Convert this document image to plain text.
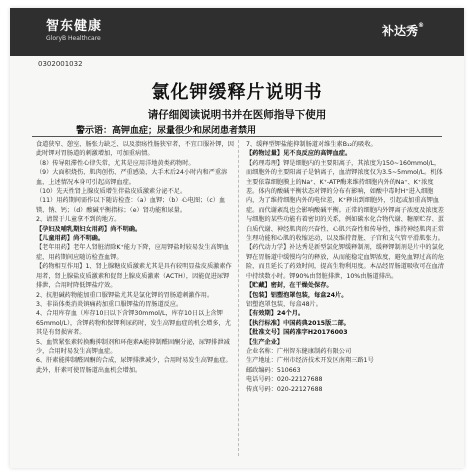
智东健康
GloryB Healthcare
补达秀®
0302001032
氯化钾缓释片说明书
请仔细阅读说明书并在医师指导下使用
警示语：高钾血症；尿量很少和尿闭患者禁用

食道狭窄、憩室、肠张力缺乏、以及溃疡性肠狭窄者，不宜口服补钾，因此时钾对胃肠道的刺激增加，可加重病情。

（8）传导阻滞性心律失常，尤其是应用洋地黄类药物时。

（9）大面积烧伤、肌肉创伤、严重感染、大手术后24小时内和严重溶血，上述情况本身可引起高钾血症。

（10）先天性肾上腺皮质增生伴盐皮质激素分泌不足。

（11）用药期间需作以下随访检查：（a）血钾；（b）心电图；（c）血镁、钠、钙；（d）酸碱平衡指标；（e）肾功能和尿量。

2、请置于儿童拿不到的地方。

【孕妇及哺乳期妇女用药】尚不明确。

【儿童用药】尚不明确。

【老年用药】老年人肾脏清除K⁺能力下降，应用钾盐时较易发生高钾血症，用药期间应随访检查血钾。

【药物相互作用】1、肾上腺糖皮质激素尤其是具有较明显盐皮质激素作用者，肾上腺盐皮质激素和促肾上腺皮质激素（ACTH），因能促进尿钾排泄，合用时降低钾盐疗效。

2、抗胆碱药物能加重口服钾盐尤其是氯化钾的胃肠道刺激作用。

3、非甾体类消炎镇痛药加重口服钾盐的胃肠道反应。

4、合用库存血（库存10日以下含钾30mmol/L，库存10日以上含钾65mmol/L），含钾药物和保钾利尿药时，发生高钾血症的机会增多，尤其是有肾损害者。

5、血管紧张素转换酶抑制剂和环孢素A能抑制醛固酮分泌，尿钾排泄减少，合用时易发生高钾血症。

6、肝素能抑制醛固酮的合成，尿钾排泄减少，合用时易发生高钾血症。此外，肝素可使胃肠道出血机会增加。

7、缓释型钾盐能抑制肠道对维生素B₁₂的吸收。

【药物过量】见不良反应的高钾血症。

【药理毒理】钾是细胞内的主要阳离子，其浓度为150~160mmol/L，而细胞外的主要阳离子是钠离子，血清钾浓度仅为3.5~5mmol/L。机体主要依靠细胞膜上的Na⁺、K⁺-ATP酶来维持细胞内外的Na⁺、K⁺浓度差。体内的酸碱平衡状态对钾的分布有影响，如酸中毒时H⁺进入细胞内，为了维持细胞内外的电位差，K⁺释出到细胞外，引起或加重高钾血症。而代谢紊乱也会影响酸碱平衡。正常的细胞内外钾离子浓度及浓度差与细胞的某些功能有着密切的关系，例如碳水化合物代谢、糖原贮存、蛋白质代谢、神经肌肉的兴奋性、心肌兴奋性和传导性，维持神经肌肉正常生理功能和心肌的收缩运动，以及维持肾脏、子宫和支气管平滑肌张力。

【药代动力学】补达秀是新型氯化钾缓释制剂，缓释钾制剂是片中的氯化钾在胃肠道中缓慢均匀的释放，从而能稳定血钾浓度，避免血钾过高的危险，而且延长了药效时间，提高生物利用度。本品经胃肠道吸收可在血清中持续数小时。钾90%由肾脏排泄，10%由肠道排出。

【贮藏】密封，在干燥处保存。

【包装】铝塑泡罩包装，每盒24片。

铝塑泡罩包装，每盒48片。

【有效期】24个月。

【执行标准】中国药典2015版二部。

【批准文号】国药准字H20176003

【生产企业】

企业名称：广州智东健康制药有限公司

生产地址：广州市经济技术开发区南翔三路1号

邮政编码：510663

电话号码：020-22127688

传真号码：020-22127688
